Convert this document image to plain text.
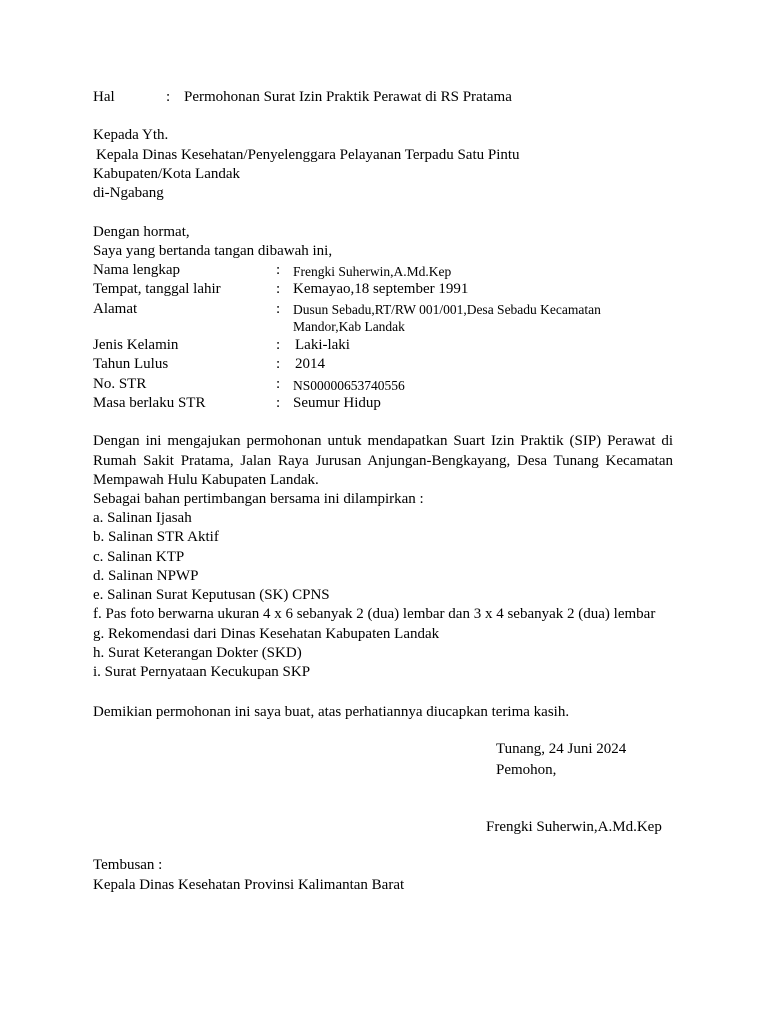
Hal	: Permohonan Surat Izin Praktik Perawat di RS Pratama
Kepada Yth.
Kepala Dinas Kesehatan/Penyelenggara Pelayanan Terpadu Satu Pintu
Kabupaten/Kota Landak
di-Ngabang
Dengan hormat,
Saya yang bertanda tangan dibawah ini,
Nama lengkap	: Frengki Suherwin,A.Md.Kep
Tempat, tanggal lahir	: Kemayao,18 september 1991
Alamat	: Dusun Sebadu,RT/RW 001/001,Desa Sebadu Kecamatan
Mandor,Kab Landak
Jenis Kelamin	: Laki-laki
Tahun Lulus	: 2014
No. STR	: NS00000653740556
Masa berlaku STR	: Seumur Hidup
Dengan ini mengajukan permohonan untuk mendapatkan Suart Izin Praktik (SIP) Perawat di Rumah Sakit Pratama, Jalan Raya Jurusan Anjungan-Bengkayang, Desa Tunang Kecamatan Mempawah Hulu Kabupaten Landak.
Sebagai bahan pertimbangan bersama ini dilampirkan :
a. Salinan Ijasah
b. Salinan STR Aktif
c. Salinan KTP
d. Salinan NPWP
e. Salinan Surat Keputusan (SK) CPNS
f. Pas foto berwarna ukuran 4 x 6 sebanyak 2 (dua) lembar dan 3 x 4 sebanyak 2 (dua) lembar
g. Rekomendasi dari Dinas Kesehatan Kabupaten Landak
h. Surat Keterangan Dokter (SKD)
i. Surat Pernyataan Kecukupan SKP
Demikian permohonan ini saya buat, atas perhatiannya diucapkan terima kasih.
Tunang, 24 Juni 2024
Pemohon,
Frengki Suherwin,A.Md.Kep
Tembusan :
Kepala Dinas Kesehatan Provinsi Kalimantan Barat
